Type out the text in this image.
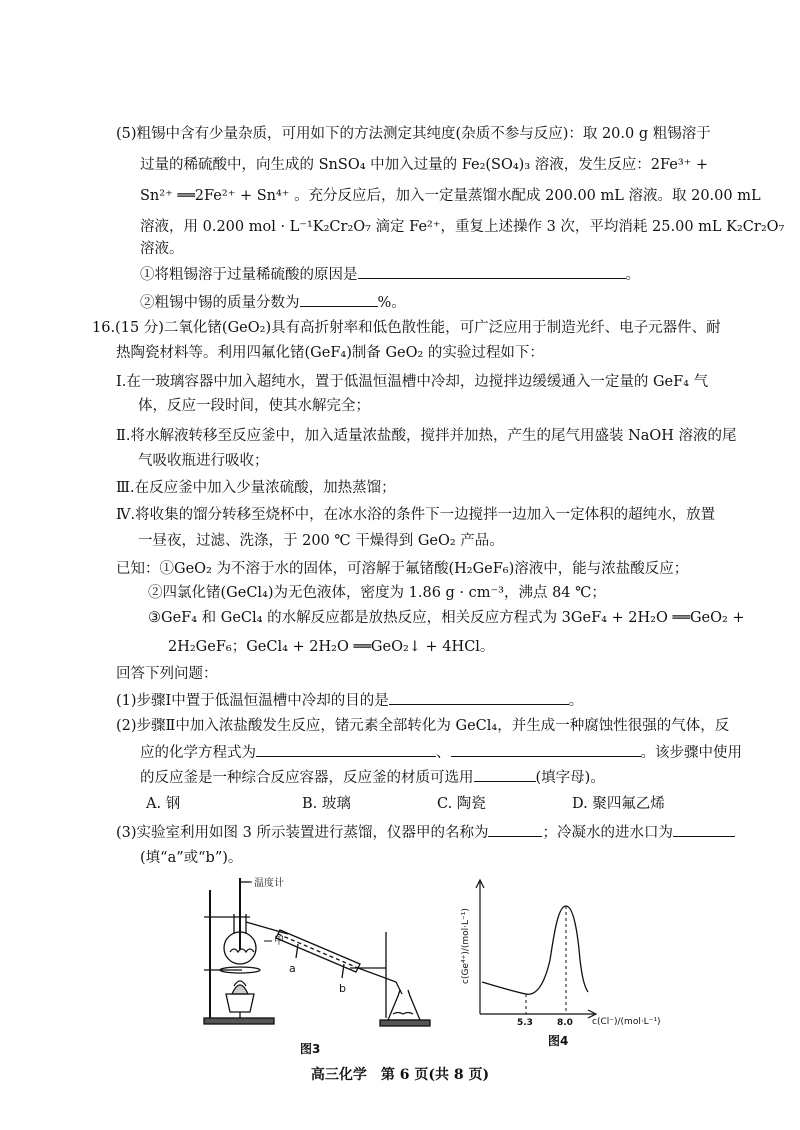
(5)粗锡中含有少量杂质，可用如下的方法测定其纯度(杂质不参与反应)：取 20.0 g 粗锡溶于
过量的稀硫酸中，向生成的 SnSO₄ 中加入过量的 Fe₂(SO₄)₃ 溶液，发生反应：2Fe³⁺ +
Sn²⁺ ══2Fe²⁺ + Sn⁴⁺ 。充分反应后，加入一定量蒸馏水配成 200.00 mL 溶液。取 20.00 mL
溶液，用 0.200 mol · L⁻¹K₂Cr₂O₇ 滴定 Fe²⁺，重复上述操作 3 次，平均消耗 25.00 mL K₂Cr₂O₇
溶液。
①将粗锡溶于过量稀硫酸的原因是	。
②粗锡中锡的质量分数为	%。
16.(15 分)二氧化锗(GeO₂)具有高折射率和低色散性能，可广泛应用于制造光纤、电子元器件、耐
热陶瓷材料等。利用四氟化锗(GeF₄)制备 GeO₂ 的实验过程如下：
Ⅰ.在一玻璃容器中加入超纯水，置于低温恒温槽中冷却，边搅拌边缓缓通入一定量的 GeF₄ 气
体，反应一段时间，使其水解完全；
Ⅱ.将水解液转移至反应釜中，加入适量浓盐酸，搅拌并加热，产生的尾气用盛装 NaOH 溶液的尾
气吸收瓶进行吸收；
Ⅲ.在反应釜中加入少量浓硫酸，加热蒸馏；
Ⅳ.将收集的馏分转移至烧杯中，在冰水浴的条件下一边搅拌一边加入一定体积的超纯水，放置
一昼夜，过滤、洗涤，于 200 ℃ 干燥得到 GeO₂ 产品。
已知：①GeO₂ 为不溶于水的固体，可溶解于氟锗酸(H₂GeF₆)溶液中，能与浓盐酸反应；
②四氯化锗(GeCl₄)为无色液体，密度为 1.86 g · cm⁻³，沸点 84 ℃；
③GeF₄ 和 GeCl₄ 的水解反应都是放热反应，相关反应方程式为 3GeF₄ + 2H₂O ══GeO₂ +
2H₂GeF₆；GeCl₄ + 2H₂O ══GeO₂↓ + 4HCl。
回答下列问题：
(1)步骤Ⅰ中置于低温恒温槽中冷却的目的是	。
(2)步骤Ⅱ中加入浓盐酸发生反应，锗元素全部转化为 GeCl₄，并生成一种腐蚀性很强的气体，反
应的化学方程式为	、	。该步骤中使用
的反应釜是一种综合反应容器，反应釜的材质可选用	(填字母)。
A. 钢	B. 玻璃	C. 陶瓷	D. 聚四氟乙烯
(3)实验室利用如图 3 所示装置进行蒸馏，仪器甲的名称为	；冷凝水的进水口为
(填“a”或“b”)。
温度计
甲
a
b
图3
c(Ge⁴⁺)/(mol·L⁻¹)
5.3	8.0 c(Cl⁻)/(mol·L⁻¹)
图4
高三化学　第 6 页(共 8 页)
